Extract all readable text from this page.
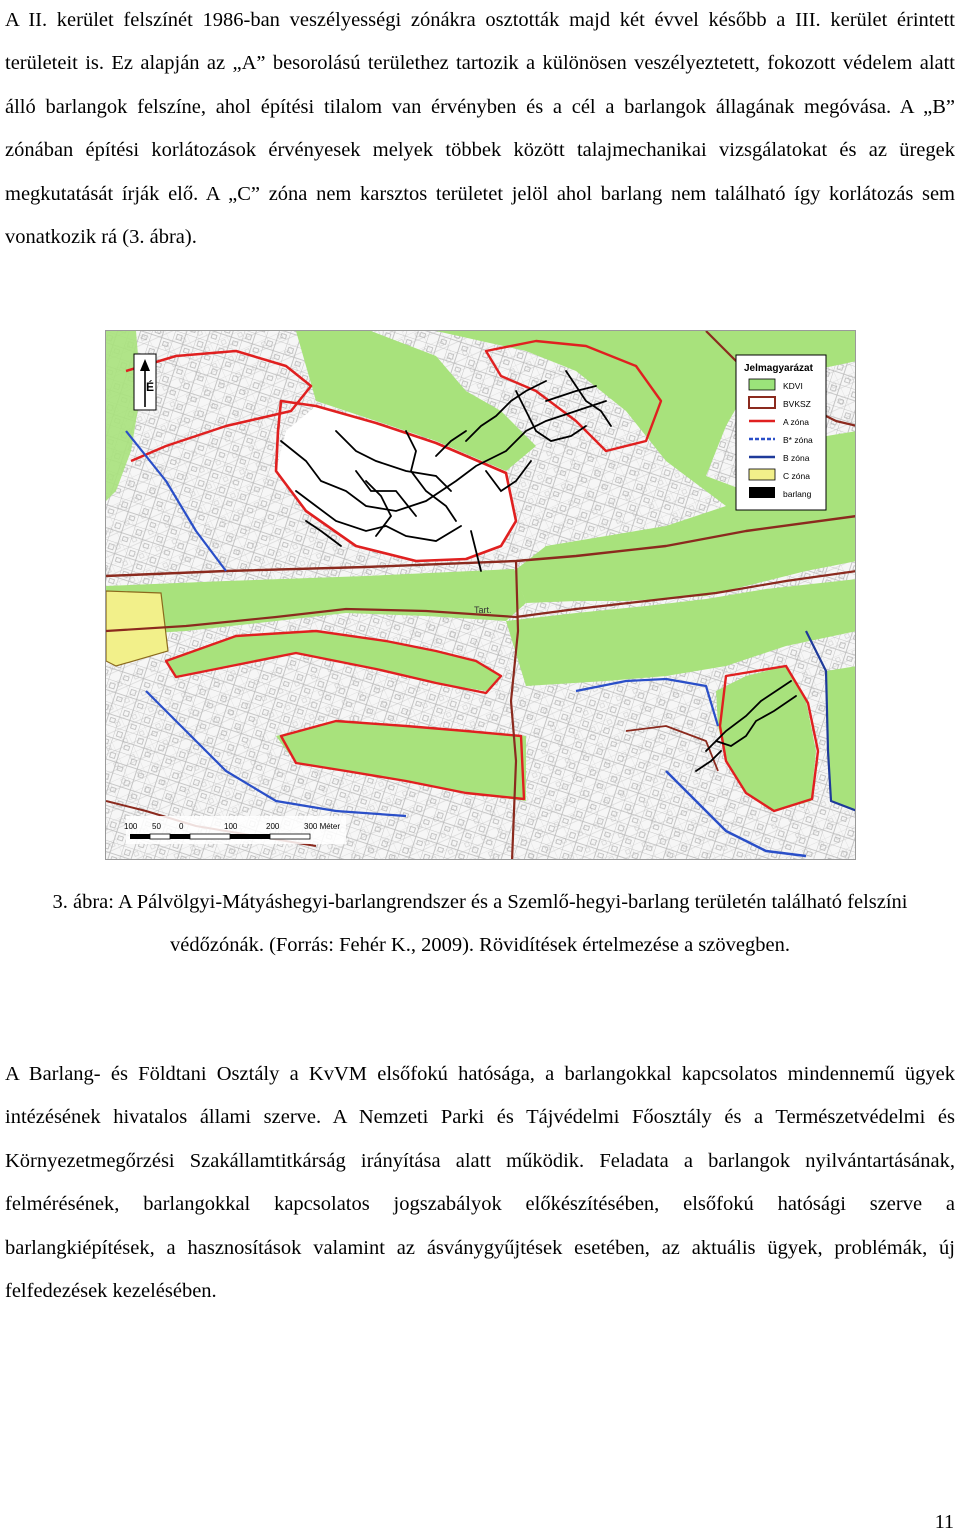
A II. kerület felszínét 1986-ban veszélyességi zónákra osztották majd két évvel később a III. kerület érintett területeit is. Ez alapján az „A” besorolású területhez tartozik a különösen veszélyeztetett, fokozott védelem alatt álló barlangok felszíne, ahol építési tilalom van érvényben és a cél a barlangok állagának megóvása. A „B” zónában építési korlátozások érvényesek melyek többek között talajmechanikai vizsgálatokat és az üregek megkutatását írják elő. A „C” zóna nem karsztos területet jelöl ahol barlang nem található így korlátozás sem vonatkozik rá (3. ábra).

Tart.
É
Jelmagyarázat
KDVI
BVKSZ
A zóna
B* zóna
B zóna
C zóna
barlang
100 50 0	100	200	300 Méter

3. ábra: A Pálvölgyi-Mátyáshegyi-barlangrendszer és a Szemlő-hegyi-barlang területén található felszíni védőzónák. (Forrás: Fehér K., 2009). Rövidítések értelmezése a szövegben.

A Barlang- és Földtani Osztály a KvVM elsőfokú hatósága, a barlangokkal kapcsolatos mindennemű ügyek intézésének hivatalos állami szerve. A Nemzeti Parki és Tájvédelmi Főosztály és a Természetvédelmi és Környezetmegőrzési Szakállamtitkárság irányítása alatt működik. Feladata a barlangok nyilvántartásának, felmérésének, barlangokkal kapcsolatos jogszabályok előkészítésében, elsőfokú hatósági szerve a barlangkiépítések, a hasznosítások valamint az ásványgyűjtések esetében, az aktuális ügyek, problémák, új felfedezések kezelésében.

11
